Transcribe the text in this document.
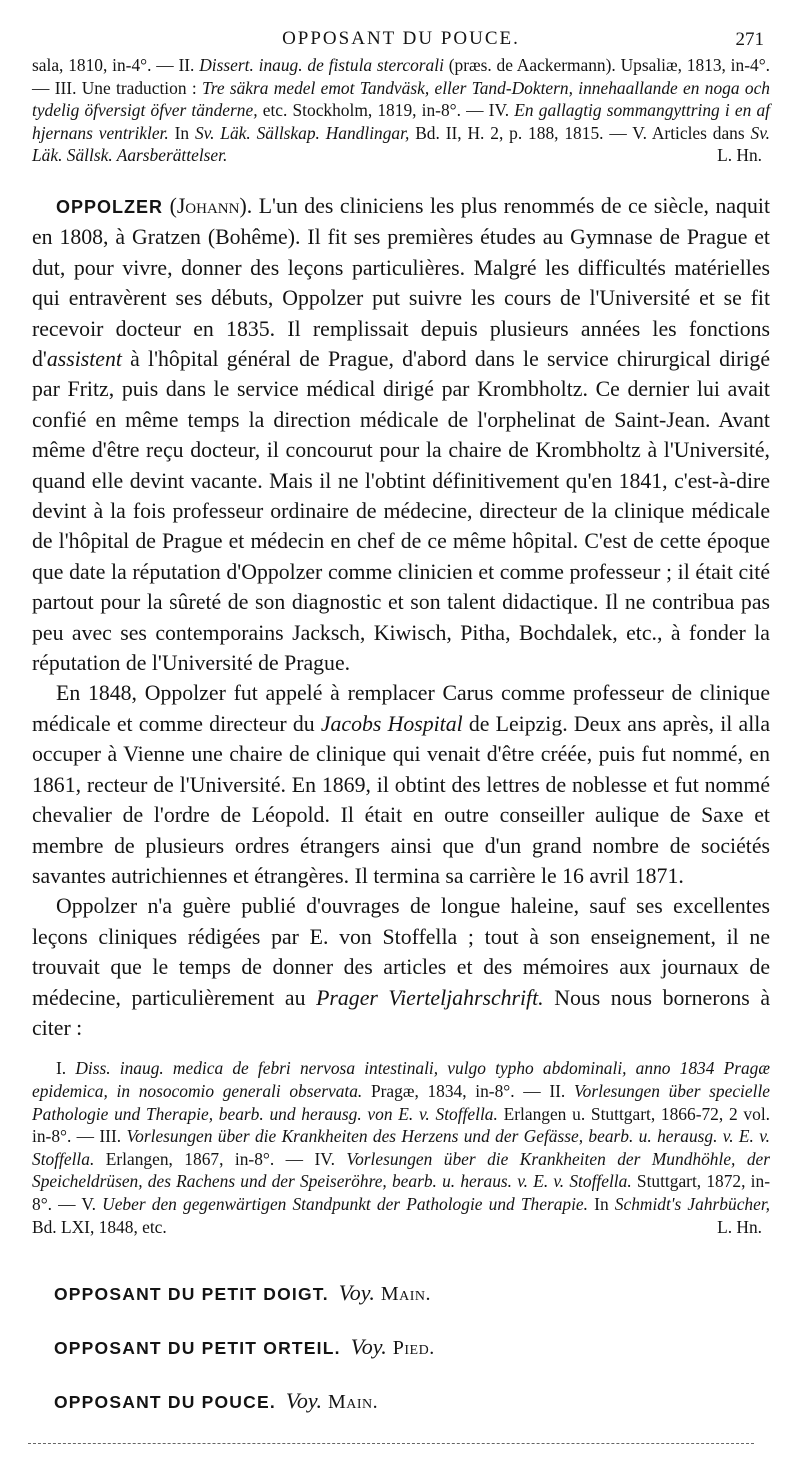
OPPOSANT DU POUCE.	271
sala, 1810, in-4°. — II. Dissert. inaug. de fistula stercorali (præs. de Aackermann). Upsaliæ, 1813, in-4°. — III. Une traduction : Tre säkra medel emot Tandväsk, eller Tand-Doktern, innehaallande en noga och tydelig öfversigt öfver tänderne, etc. Stockholm, 1819, in-8°. — IV. En gallagtig sommangyttring i en af hjernans ventrikler. In Sv. Läk. Sällskap. Handlingar, Bd. II, H. 2, p. 188, 1815. — V. Articles dans Sv. Läk. Sällsk. Aarsberättelser.	L. Hn.

OPPOLZER (Johann). L'un des cliniciens les plus renommés de ce siècle, naquit en 1808, à Gratzen (Bohême). Il fit ses premières études au Gymnase de Prague et dut, pour vivre, donner des leçons particulières. Malgré les difficultés matérielles qui entravèrent ses débuts, Oppolzer put suivre les cours de l'Université et se fit recevoir docteur en 1835. Il remplissait depuis plusieurs années les fonctions d'assistent à l'hôpital général de Prague, d'abord dans le service chirurgical dirigé par Fritz, puis dans le service médical dirigé par Krombholtz. Ce dernier lui avait confié en même temps la direction médicale de l'orphelinat de Saint-Jean. Avant même d'être reçu docteur, il concourut pour la chaire de Krombholtz à l'Université, quand elle devint vacante. Mais il ne l'obtint définitivement qu'en 1841, c'est-à-dire devint à la fois professeur ordinaire de médecine, directeur de la clinique médicale de l'hôpital de Prague et médecin en chef de ce même hôpital. C'est de cette époque que date la réputation d'Oppolzer comme clinicien et comme professeur ; il était cité partout pour la sûreté de son diagnostic et son talent didactique. Il ne contribua pas peu avec ses contemporains Jacksch, Kiwisch, Pitha, Bochdalek, etc., à fonder la réputation de l'Université de Prague.

En 1848, Oppolzer fut appelé à remplacer Carus comme professeur de clinique médicale et comme directeur du Jacobs Hospital de Leipzig. Deux ans après, il alla occuper à Vienne une chaire de clinique qui venait d'être créée, puis fut nommé, en 1861, recteur de l'Université. En 1869, il obtint des lettres de noblesse et fut nommé chevalier de l'ordre de Léopold. Il était en outre conseiller aulique de Saxe et membre de plusieurs ordres étrangers ainsi que d'un grand nombre de sociétés savantes autrichiennes et étrangères. Il termina sa carrière le 16 avril 1871.

Oppolzer n'a guère publié d'ouvrages de longue haleine, sauf ses excellentes leçons cliniques rédigées par E. von Stoffella ; tout à son enseignement, il ne trouvait que le temps de donner des articles et des mémoires aux journaux de médecine, particulièrement au Prager Vierteljahrschrift. Nous nous bornerons à citer :

I. Diss. inaug. medica de febri nervosa intestinali, vulgo typho abdominali, anno 1834 Pragæ epidemica, in nosocomio generali observata. Pragæ, 1834, in-8°. — II. Vorlesungen über specielle Pathologie und Therapie, bearb. und herausg. von E. v. Stoffella. Erlangen u. Stuttgart, 1866-72, 2 vol. in-8°. — III. Vorlesungen über die Krankheiten des Herzens und der Gefässe, bearb. u. herausg. v. E. v. Stoffella. Erlangen, 1867, in-8°. — IV. Vorlesungen über die Krankheiten der Mundhöhle, der Speicheldrüsen, des Rachens und der Speiseröhre, bearb. u. heraus. v. E. v. Stoffella. Stuttgart, 1872, in-8°. — V. Ueber den gegenwärtigen Standpunkt der Pathologie und Therapie. In Schmidt's Jahrbücher, Bd. LXI, 1848, etc.	L. Hn.

OPPOSANT DU PETIT DOIGT. Voy. Main.
OPPOSANT DU PETIT ORTEIL. Voy. Pied.
OPPOSANT DU POUCE. Voy. Main.
